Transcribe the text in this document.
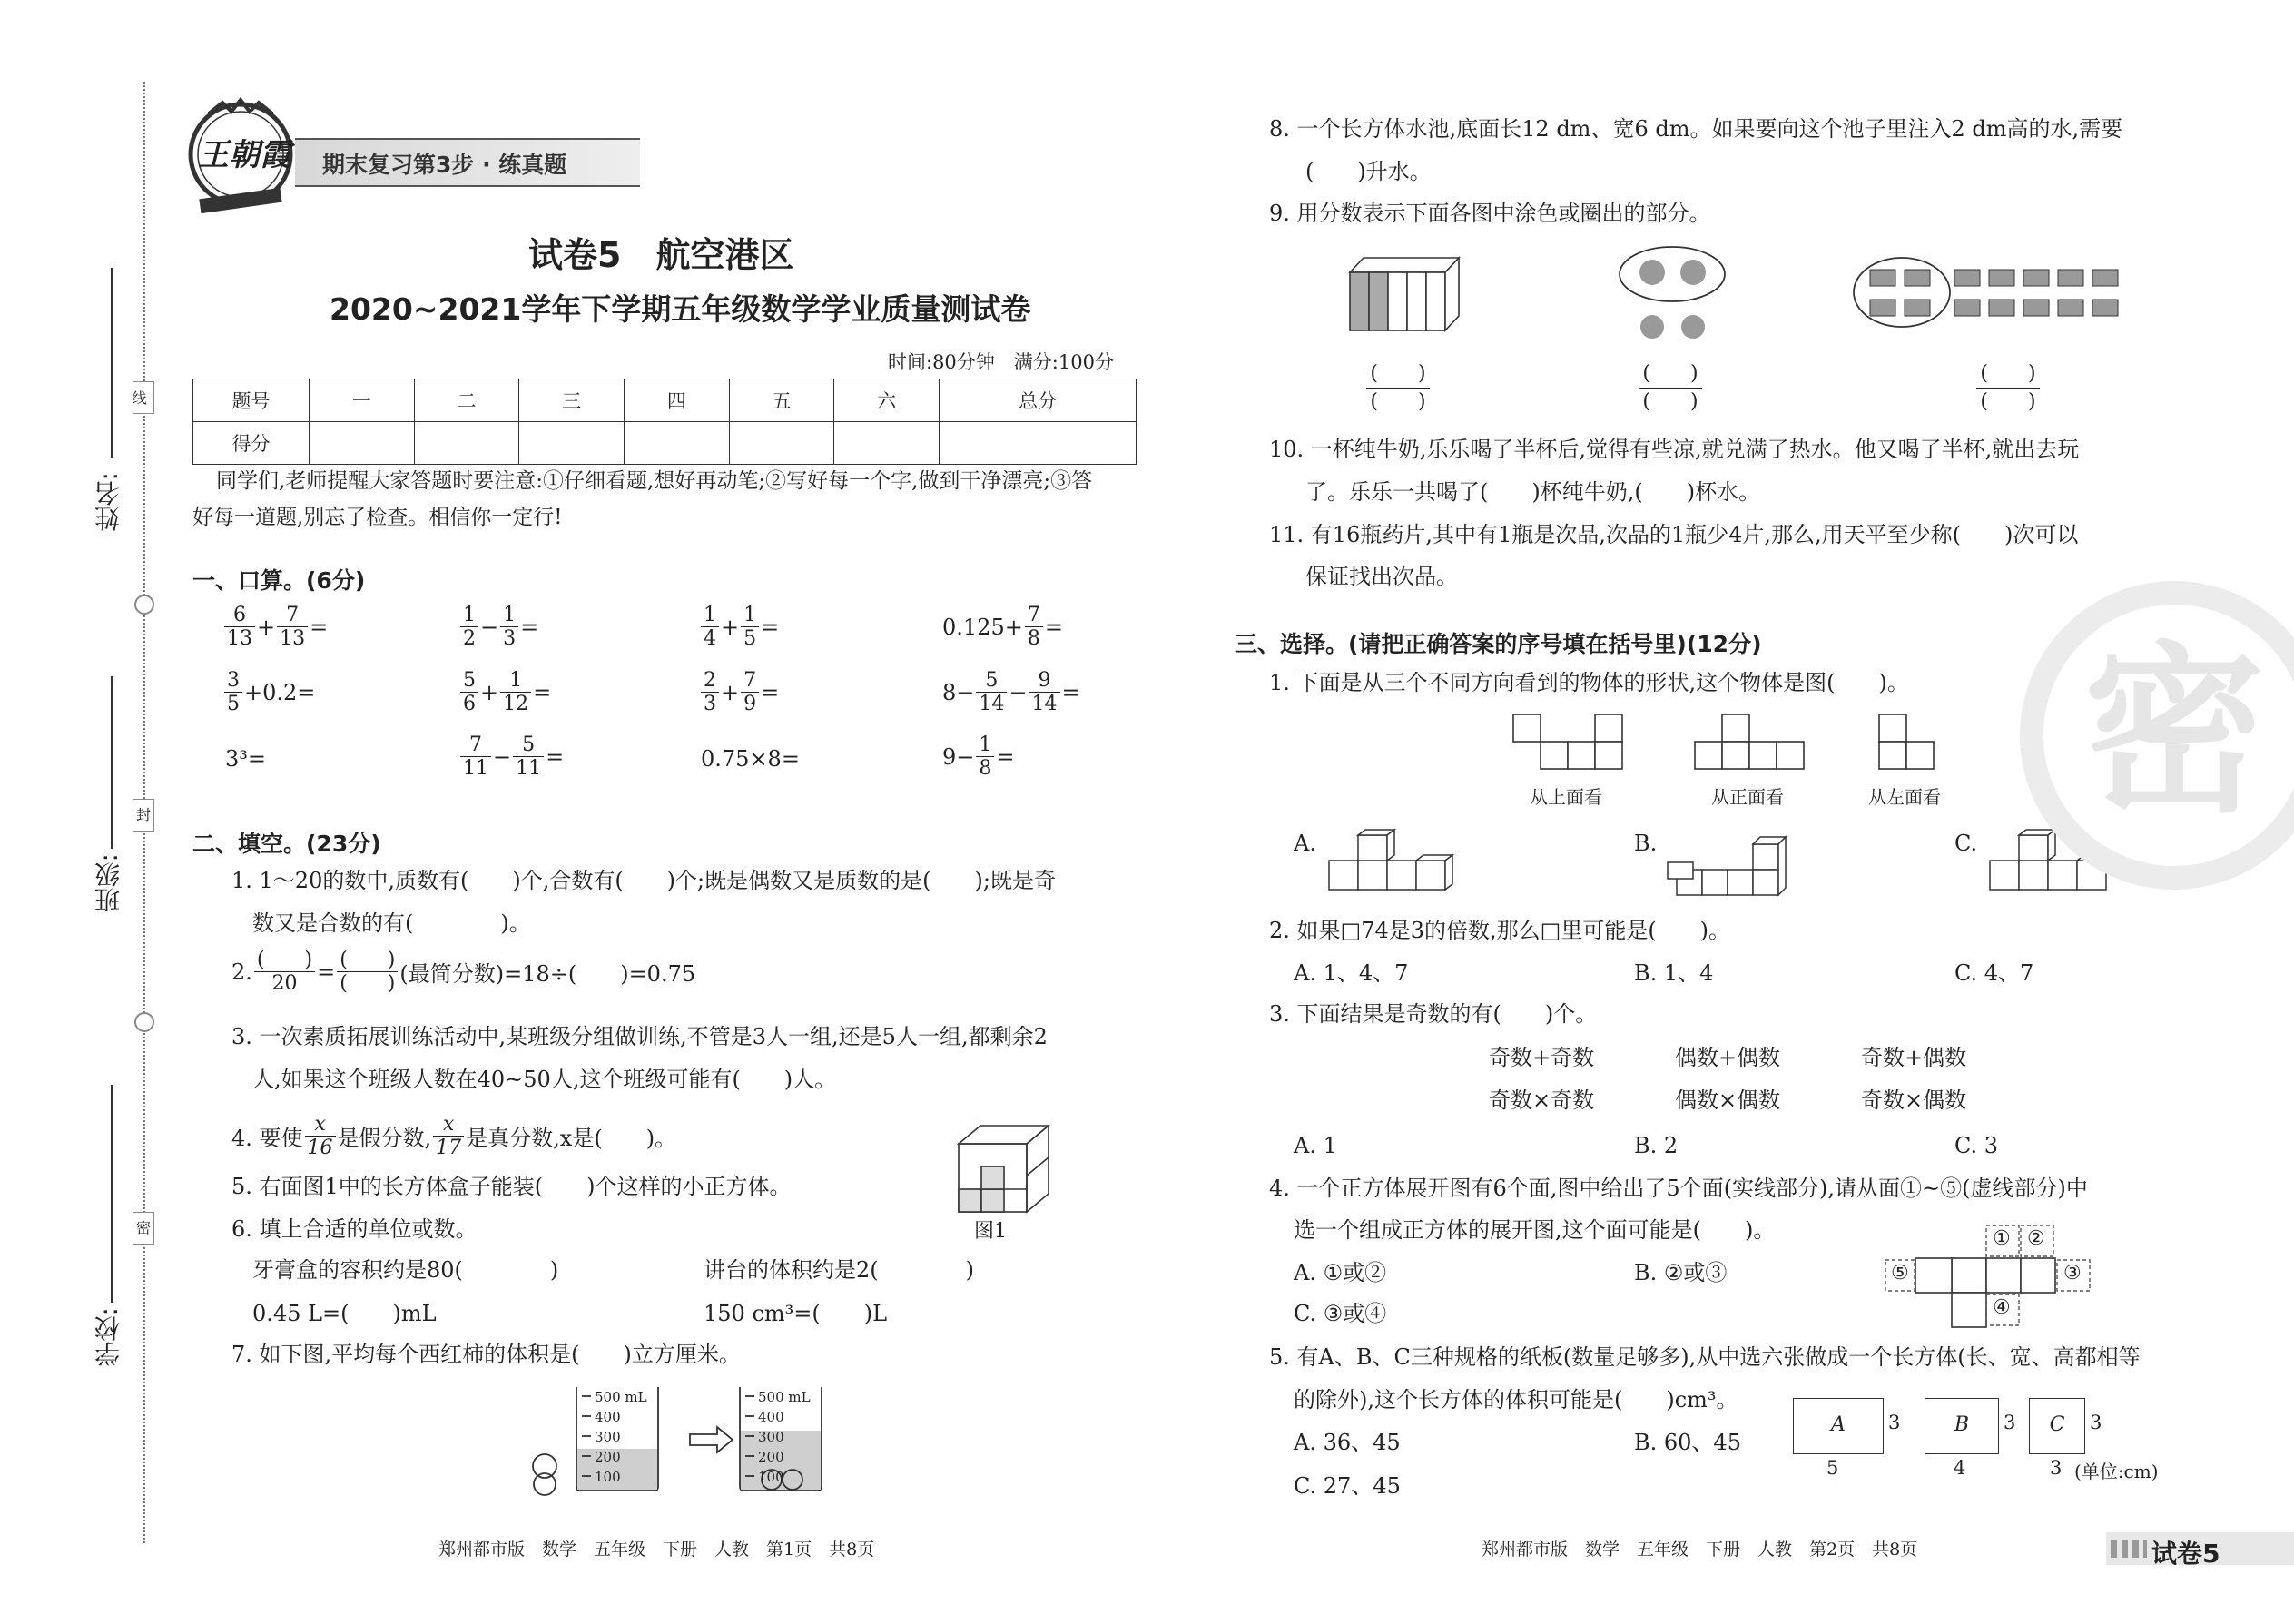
姓名:
班级:
学校:
线
封
密
王朝霞 期末复习第3步 · 练真题
试卷5　航空港区
2020~2021学年下学期五年级数学学业质量测试卷
时间:80分钟　满分:100分
题号	一	二	三	四	五	六	总分
得分							
同学们,老师提醒大家答题时要注意:①仔细看题,想好再动笔;②写好每一个字,做到干净漂亮;③答
好每一道题,别忘了检查。相信你一定行!
一、口算。(6分)
$\frac{6}{13} + \frac{7}{13}$ =	$\frac{1}{2} - \frac{1}{3}$ =	$\frac{1}{4} + \frac{1}{5}$ =	$0.125+ \frac{7}{8}$ =
$\frac{3}{5} +0.2=$	$\frac{5}{6} + \frac{1}{12}$ =	$\frac{2}{3} + \frac{7}{9}$ =	$8- \frac{5}{14} - \frac{9}{14}$ =
3³=	$\frac{7}{11} - \frac{5}{11}$ =	0.75×8=	$9- \frac{1}{8}$ =
二、填空。(23分)
1. 1～20的数中,质数有(　　)个,合数有(　　)个;既是偶数又是质数的是(　　);既是奇
数又是合数的有(　　　　)。
2. $\frac{( )}{20} = \frac{( )}{( )}$ (最简分数)=18÷(　　)=0.75
3. 一次素质拓展训练活动中,某班级分组做训练,不管是3人一组,还是5人一组,都剩余2
人,如果这个班级人数在40~50人,这个班级可能有(　　)人。
4. 要使 $\frac{x}{16}$ 是假分数, $\frac{x}{17}$ 是真分数,x是(　　)。
5. 右面图1中的长方体盒子能装(　　)个这样的小正方体。
6. 填上合适的单位或数。
牙膏盒的容积约是80(　　　　)	讲台的体积约是2(　　　　)
0.45 L=(　　)mL	150 cm³=(　　)L
7. 如下图,平均每个西红柿的体积是(　　)立方厘米。
图1
500 mL
400
300
200
100
500 mL
400
300
200
100
郑州都市版　数学　五年级　下册　人教　第1页　共8页
8. 一个长方体水池,底面长12 dm、宽6 dm。如果要向这个池子里注入2 dm高的水,需要
(　　)升水。
9. 用分数表示下面各图中涂色或圈出的部分。
(　　)
(　　)
(　　)
(　　)
(　　)
(　　)
10. 一杯纯牛奶,乐乐喝了半杯后,觉得有些凉,就兑满了热水。他又喝了半杯,就出去玩
了。乐乐一共喝了(　　)杯纯牛奶,(　　)杯水。
11. 有16瓶药片,其中有1瓶是次品,次品的1瓶少4片,那么,用天平至少称(　　)次可以
保证找出次品。
三、选择。(请把正确答案的序号填在括号里)(12分)
1. 下面是从三个不同方向看到的物体的形状,这个物体是图(　　)。
从上面看	从正面看	从左面看
A.	B.	C.
2. 如果□74是3的倍数,那么□里可能是(　　)。
A. 1、4、7	B. 1、4	C. 4、7
3. 下面结果是奇数的有(　　)个。
奇数+奇数	偶数+偶数	奇数+偶数
奇数×奇数	偶数×偶数	奇数×偶数
A. 1	B. 2	C. 3
4. 一个正方体展开图有6个面,图中给出了5个面(实线部分),请从面①~⑤(虚线部分)中
选一个组成正方体的展开图,这个面可能是(　　)。
A. ①或②	B. ②或③
C. ③或④
① ②
③
④
⑤
5. 有A、B、C三种规格的纸板(数量足够多),从中选六张做成一个长方体(长、宽、高都相等
的除外),这个长方体的体积可能是(　　)cm³。
A. 36、45	B. 60、45
C. 27、45
A	3
5
B	3
4
C	3
3 (单位:cm)
密
郑州都市版　数学　五年级　下册　人教　第2页　共8页	试卷5
